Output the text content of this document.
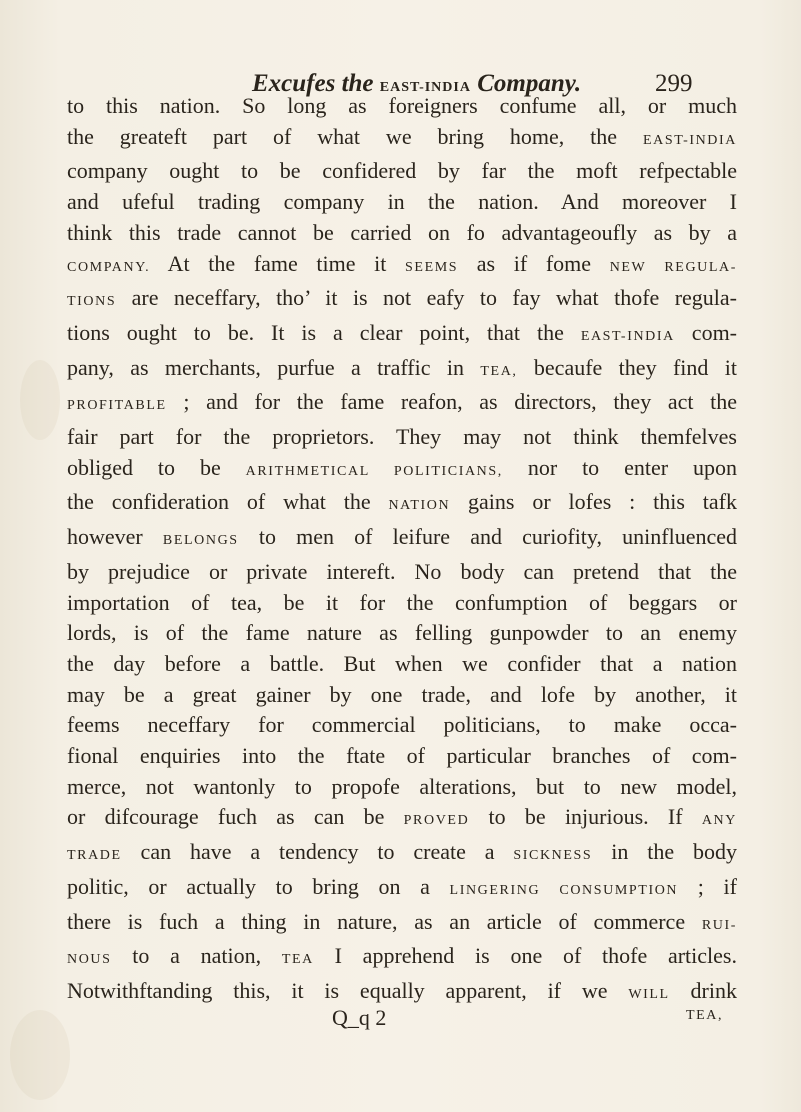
Excufes the EAST-INDIA Company.	299
to this nation. So long as foreigners confume all, or much
the greateft part of what we bring home, the EAST-INDIA
company ought to be confidered by far the moft refpectable
and ufeful trading company in the nation. And moreover I
think this trade cannot be carried on fo advantageoufly as by a
COMPANY. At the fame time it SEEMS as if fome NEW REGULA-
TIONS are neceffary, tho’ it is not eafy to fay what thofe regula-
tions ought to be. It is a clear point, that the EAST-INDIA com-
pany, as merchants, purfue a traffic in TEA, becaufe they find it
PROFITABLE ; and for the fame reafon, as directors, they act the
fair part for the proprietors. They may not think themfelves
obliged to be ARITHMETICAL POLITICIANS, nor to enter upon
the confideration of what the NATION gains or lofes : this tafk
however BELONGS to men of leifure and curiofity, uninfluenced
by prejudice or private intereft. No body can pretend that the
importation of tea, be it for the confumption of beggars or
lords, is of the fame nature as felling gunpowder to an enemy
the day before a battle. But when we confider that a nation
may be a great gainer by one trade, and lofe by another, it
feems neceffary for commercial politicians, to make occa-
fional enquiries into the ftate of particular branches of com-
merce, not wantonly to propofe alterations, but to new model,
or difcourage fuch as can be PROVED to be injurious. If ANY
TRADE can have a tendency to create a SICKNESS in the body
politic, or actually to bring on a LINGERING CONSUMPTION ; if
there is fuch a thing in nature, as an article of commerce RUI-
NOUS to a nation, TEA I apprehend is one of thofe articles.
Notwithftanding this, it is equally apparent, if we WILL drink
Q_q 2	TEA,
